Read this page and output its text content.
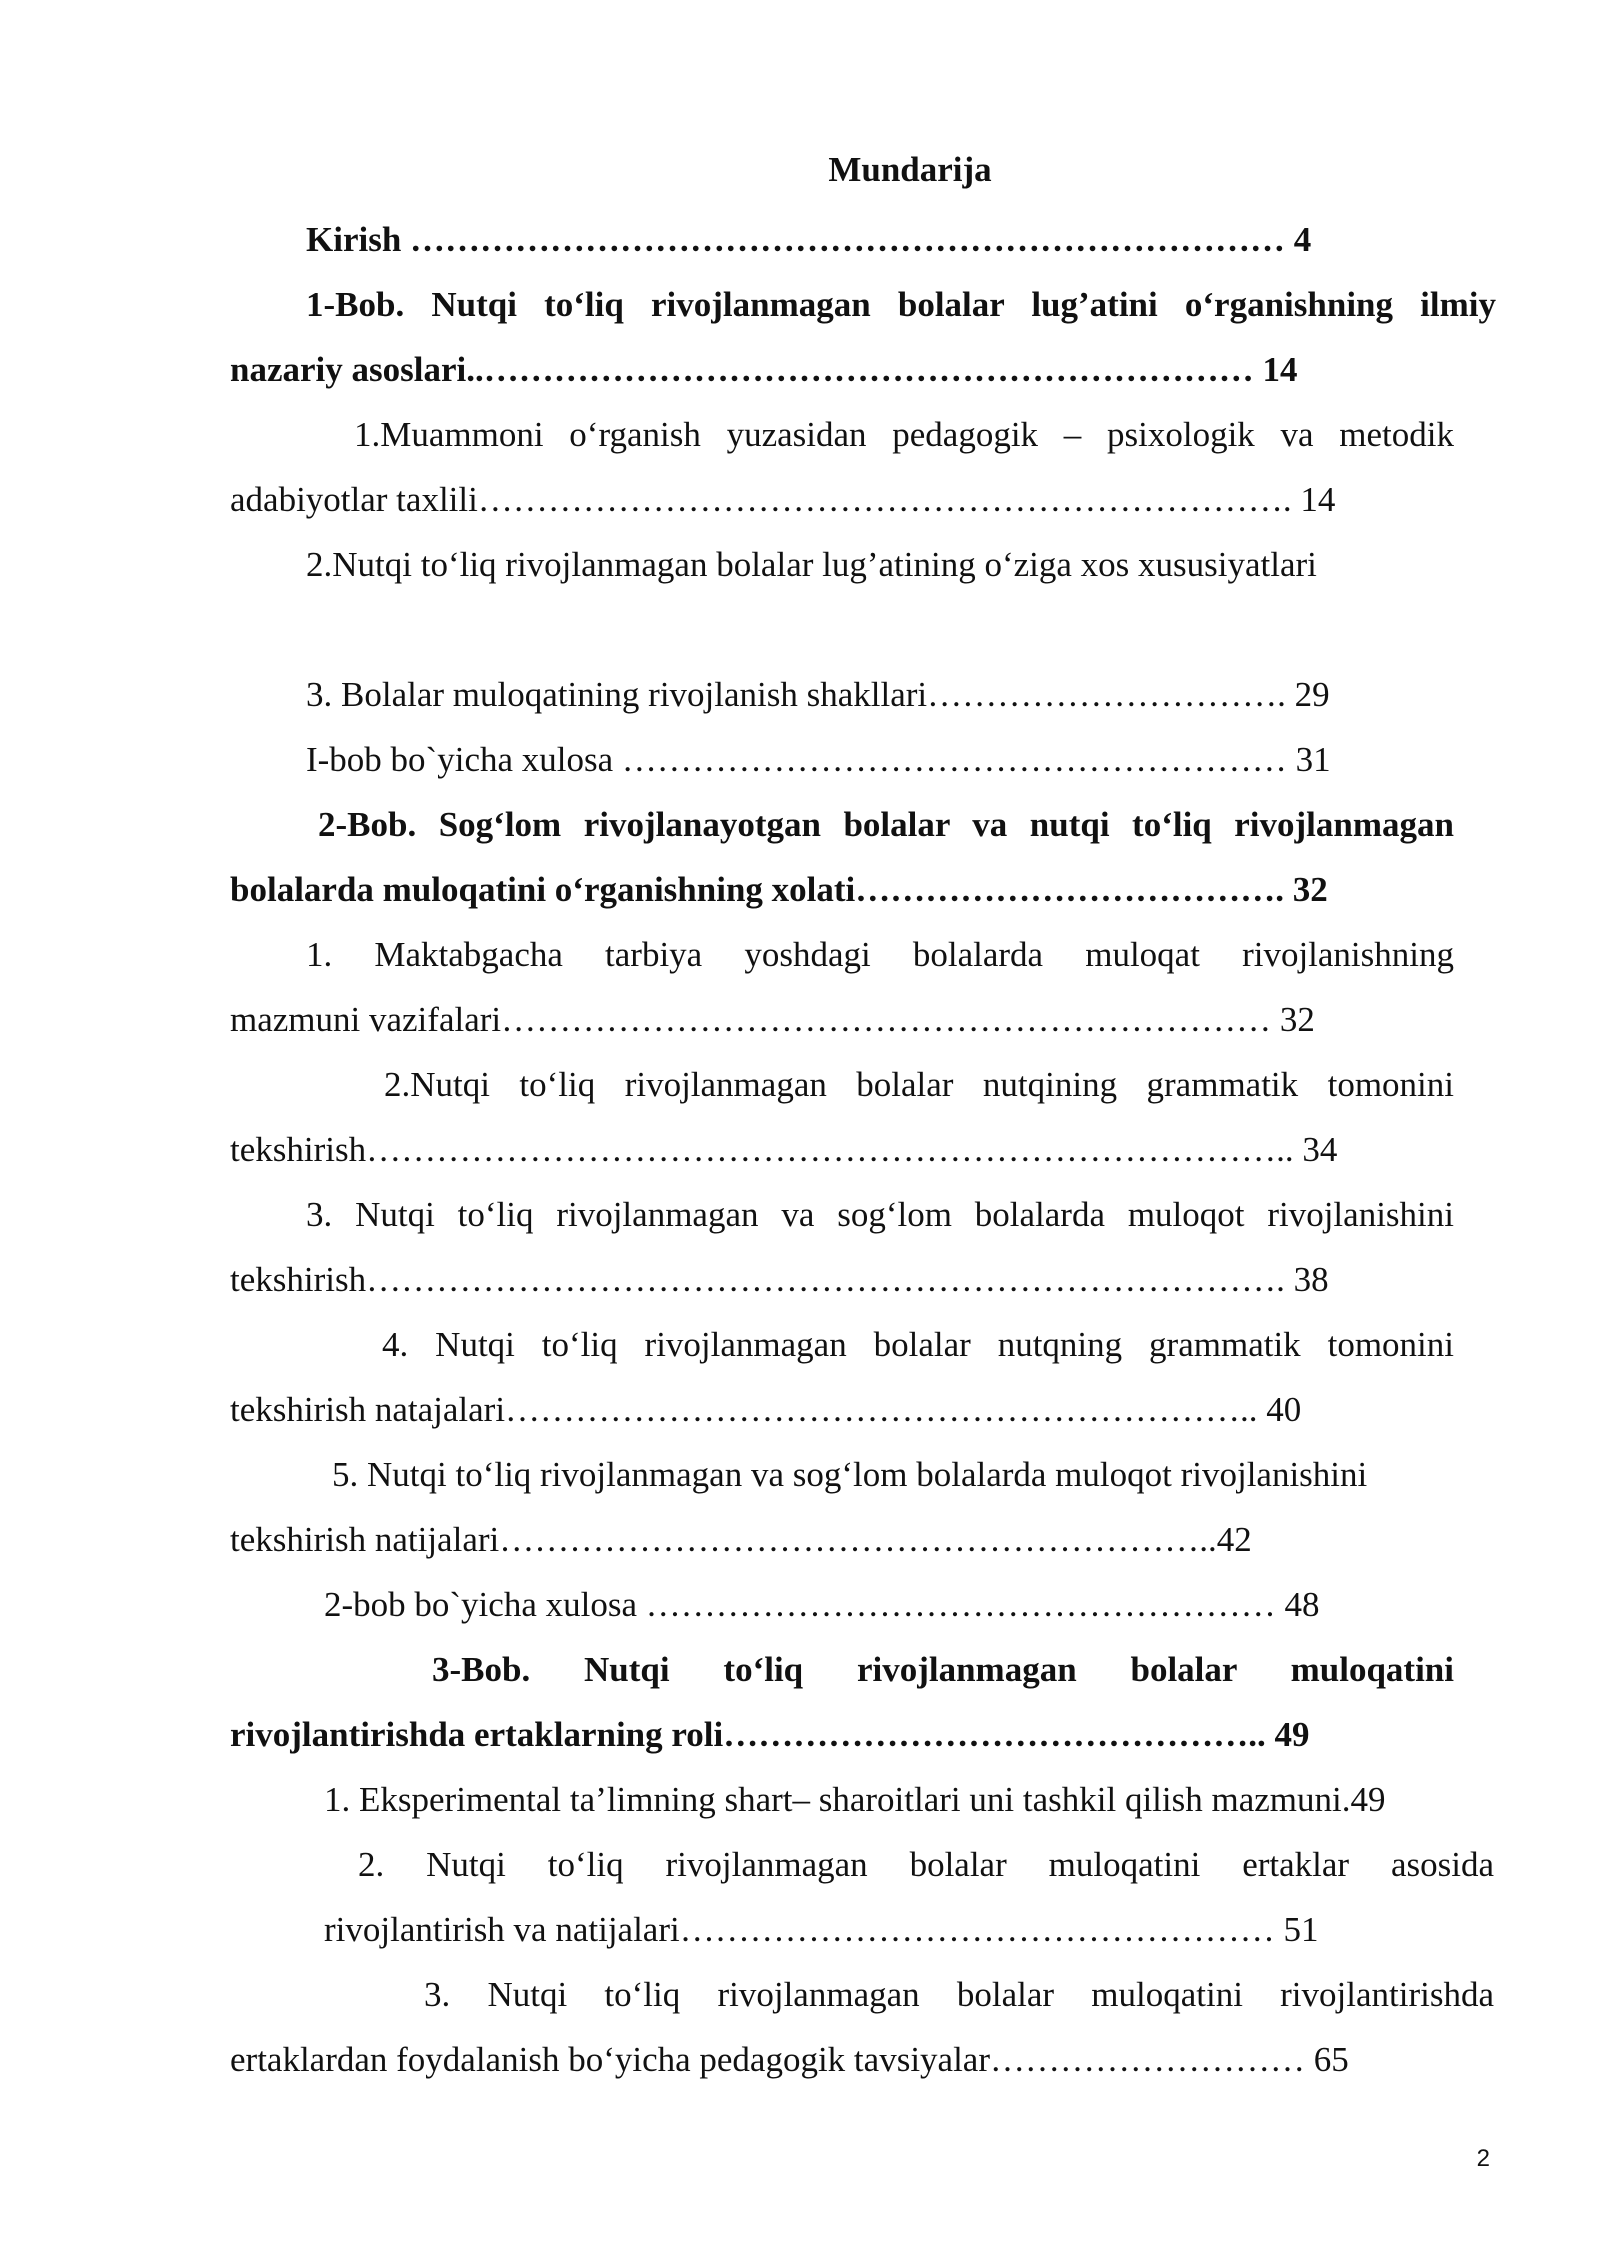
Mundarija
Kirish ………………………………………………………………… 4
1-Bob. Nutqi to‘liq rivojlanmagan bolalar lug’atini o‘rganishning ilmiy
nazariy asoslari..………………………………………………………… 14
1.Muammoni o‘rganish yuzasidan pedagogik – psixologik va metodik
adabiyotlar taxlili……………………………………………………………. 14
2.Nutqi to‘liq rivojlanmagan bolalar lug’atining o‘ziga xos xususiyatlari
3. Bolalar muloqatining rivojlanish shakllari…………………………. 29
I-bob bo`yicha xulosa ………………………………………………… 31
2-Bob. Sog‘lom rivojlanayotgan bolalar va nutqi to‘liq rivojlanmagan
bolalarda muloqatini o‘rganishning xolati………………………………. 32
1. Maktabgacha tarbiya yoshdagi bolalarda muloqat rivojlanishning
mazmuni vazifalari………………………………………………………… 32
2.Nutqi to‘liq rivojlanmagan bolalar nutqining grammatik tomonini
tekshirish…………………………………………………………………….. 34
3. Nutqi to‘liq rivojlanmagan va sog‘lom bolalarda muloqot rivojlanishini
tekshirish……………………………………………………………………. 38
4. Nutqi to‘liq rivojlanmagan bolalar nutqning grammatik tomonini
tekshirish natajalari……………………………………………………….. 40
5. Nutqi to‘liq rivojlanmagan va sog‘lom bolalarda muloqot rivojlanishini
tekshirish natijalari……………………………………………………..42
2-bob bo`yicha xulosa ……………………………………………… 48
3-Bob. Nutqi to‘liq rivojlanmagan bolalar muloqatini
rivojlantirishda ertaklarning roli……………………………………….. 49
1. Eksperimental ta’limning shart– sharoitlari uni tashkil qilish mazmuni.49
2. Nutqi to‘liq rivojlanmagan bolalar muloqatini ertaklar asosida
rivojlantirish va natijalari…………………………………………… 51
3. Nutqi to‘liq rivojlanmagan bolalar muloqatini rivojlantirishda
ertaklardan foydalanish bo‘yicha pedagogik tavsiyalar……………………… 65
2
